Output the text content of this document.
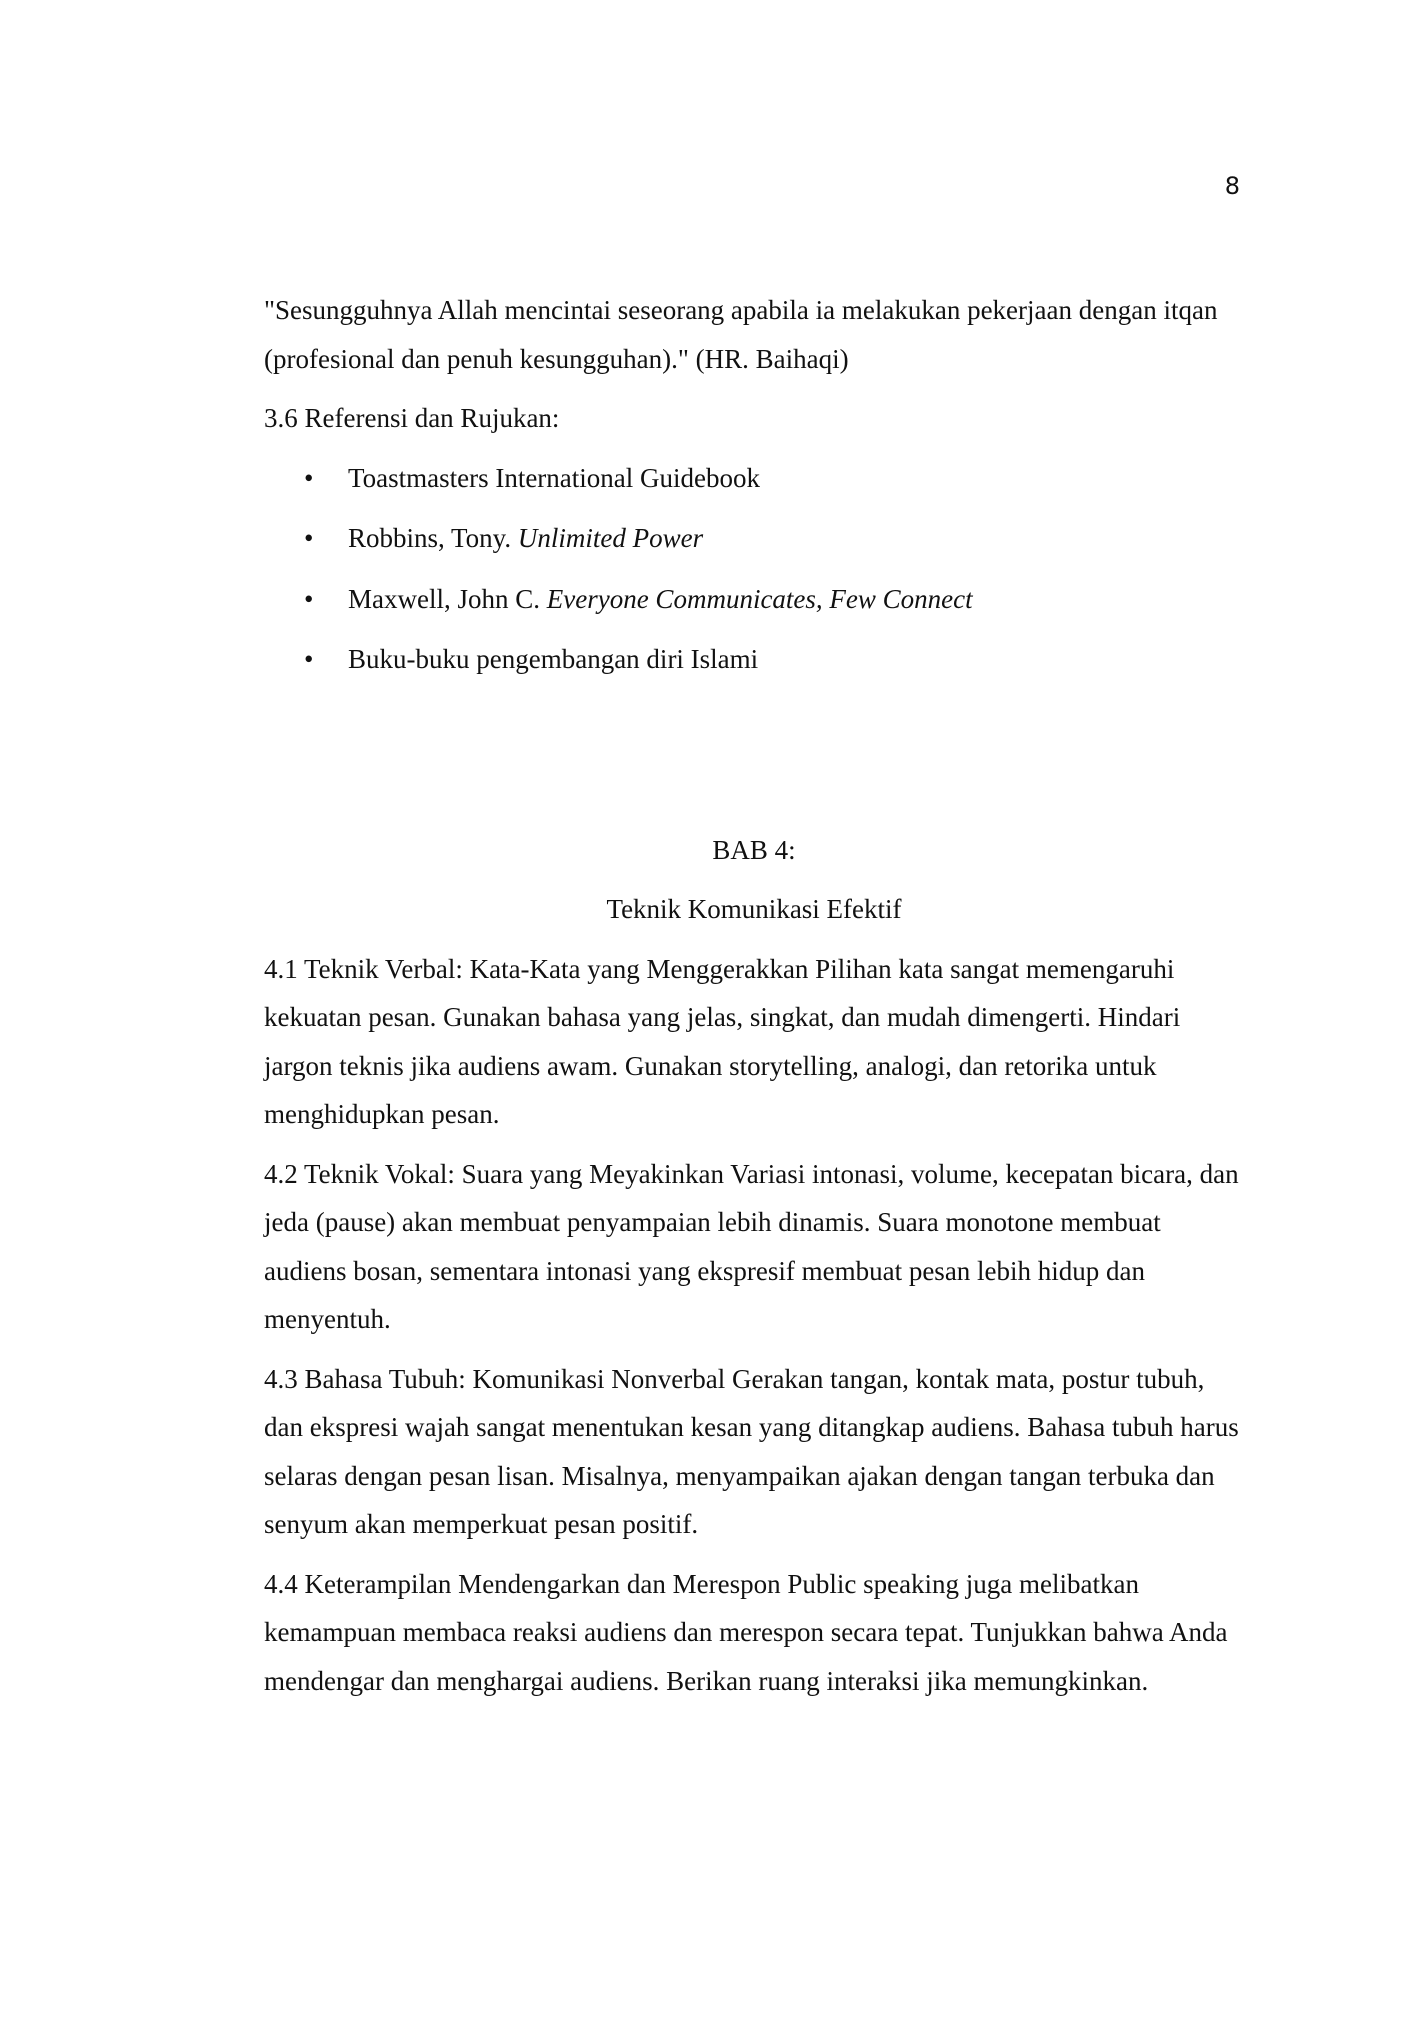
8

"Sesungguhnya Allah mencintai seseorang apabila ia melakukan pekerjaan dengan itqan (profesional dan penuh kesungguhan)." (HR. Baihaqi)

3.6 Referensi dan Rujukan:

• Toastmasters International Guidebook
• Robbins, Tony. Unlimited Power
• Maxwell, John C. Everyone Communicates, Few Connect
• Buku-buku pengembangan diri Islami

BAB 4:

Teknik Komunikasi Efektif

4.1 Teknik Verbal: Kata-Kata yang Menggerakkan Pilihan kata sangat memengaruhi kekuatan pesan. Gunakan bahasa yang jelas, singkat, dan mudah dimengerti. Hindari jargon teknis jika audiens awam. Gunakan storytelling, analogi, dan retorika untuk menghidupkan pesan.

4.2 Teknik Vokal: Suara yang Meyakinkan Variasi intonasi, volume, kecepatan bicara, dan jeda (pause) akan membuat penyampaian lebih dinamis. Suara monotone membuat audiens bosan, sementara intonasi yang ekspresif membuat pesan lebih hidup dan menyentuh.

4.3 Bahasa Tubuh: Komunikasi Nonverbal Gerakan tangan, kontak mata, postur tubuh, dan ekspresi wajah sangat menentukan kesan yang ditangkap audiens. Bahasa tubuh harus selaras dengan pesan lisan. Misalnya, menyampaikan ajakan dengan tangan terbuka dan senyum akan memperkuat pesan positif.

4.4 Keterampilan Mendengarkan dan Merespon Public speaking juga melibatkan kemampuan membaca reaksi audiens dan merespon secara tepat. Tunjukkan bahwa Anda mendengar dan menghargai audiens. Berikan ruang interaksi jika memungkinkan.
